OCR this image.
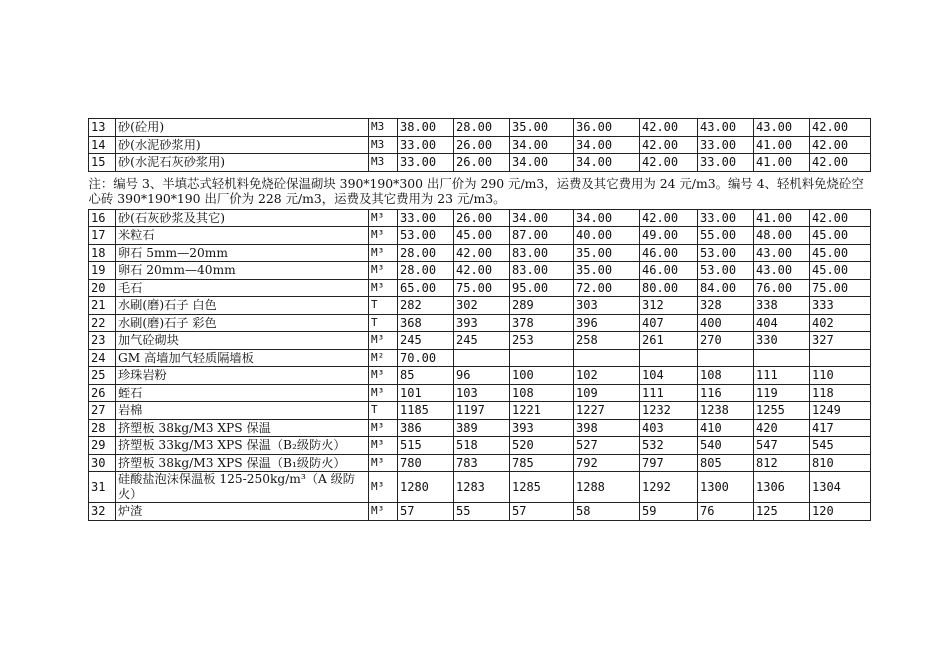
13	砂(砼用)	M3	38.00	28.00	35.00	36.00	42.00	43.00	43.00	42.00
14	砂(水泥砂浆用)	M3	33.00	26.00	34.00	34.00	42.00	33.00	41.00	42.00
15	砂(水泥石灰砂浆用)	M3	33.00	26.00	34.00	34.00	42.00	33.00	41.00	42.00
注：编号 3、半填芯式轻机料免烧砼保温砌块 390*190*300 出厂价为 290 元/m3，运费及其它费用为 24 元/m3。编号 4、轻机料免烧砼空心砖 390*190*190 出厂价为 228 元/m3，运费及其它费用为 23 元/m3。										
16	砂(石灰砂浆及其它)	M³	33.00	26.00	34.00	34.00	42.00	33.00	41.00	42.00
17	米粒石	M³	53.00	45.00	87.00	40.00	49.00	55.00	48.00	45.00
18	卵石 5mm—20mm	M³	28.00	42.00	83.00	35.00	46.00	53.00	43.00	45.00
19	卵石 20mm—40mm	M³	28.00	42.00	83.00	35.00	46.00	53.00	43.00	45.00
20	毛石	M³	65.00	75.00	95.00	72.00	80.00	84.00	76.00	75.00
21	水刷(磨)石子 白色	T	282	302	289	303	312	328	338	333
22	水刷(磨)石子 彩色	T	368	393	378	396	407	400	404	402
23	加气砼砌块	M³	245	245	253	258	261	270	330	327
24	GM 高墙加气轻质隔墙板	M²	70.00							
25	珍珠岩粉	M³	85	96	100	102	104	108	111	110
26	蛭石	M³	101	103	108	109	111	116	119	118
27	岩棉	T	1185	1197	1221	1227	1232	1238	1255	1249
28	挤塑板 38kg/M3 XPS 保温	M³	386	389	393	398	403	410	420	417
29	挤塑板 33kg/M3 XPS 保温（B₂级防火）	M³	515	518	520	527	532	540	547	545
30	挤塑板 38kg/M3 XPS 保温（B₁级防火）	M³	780	783	785	792	797	805	812	810
31	硅酸盐泡沫保温板 125-250kg/m³（A 级防火）	M³	1280	1283	1285	1288	1292	1300	1306	1304
32	炉渣	M³	57	55	57	58	59	76	125	120
